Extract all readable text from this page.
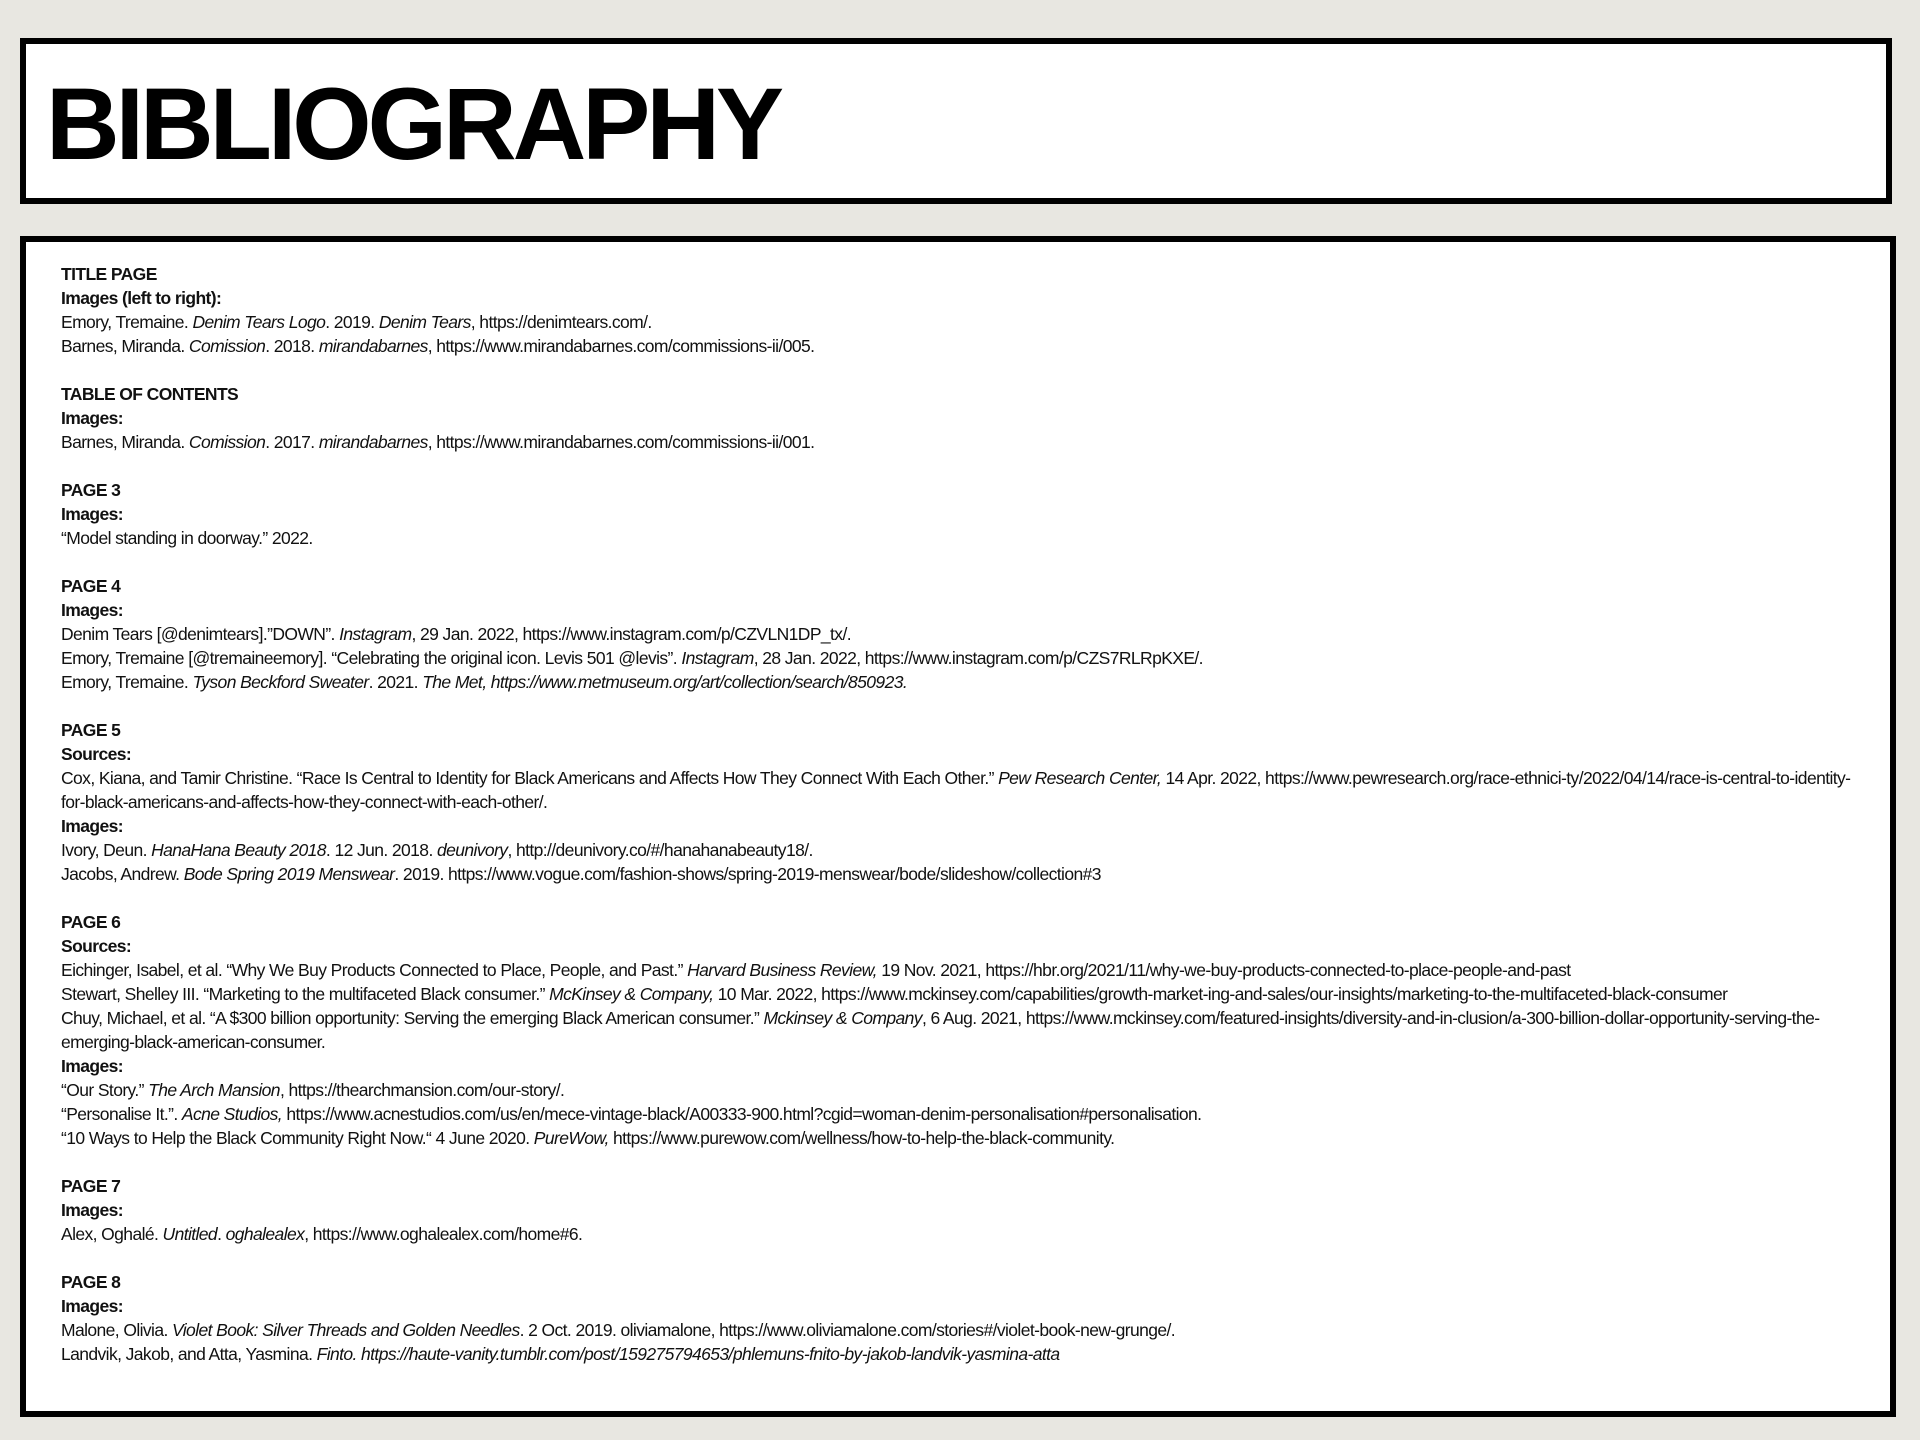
BIBLIOGRAPHY
TITLE PAGE
Images (left to right):
Emory, Tremaine. Denim Tears Logo. 2019. Denim Tears, https://denimtears.com/.
Barnes, Miranda. Comission. 2018. mirandabarnes, https://www.mirandabarnes.com/commissions-ii/005.
TABLE OF CONTENTS
Images:
Barnes, Miranda. Comission. 2017. mirandabarnes, https://www.mirandabarnes.com/commissions-ii/001.
PAGE 3
Images:
“Model standing in doorway.” 2022.
PAGE 4
Images:
Denim Tears [@denimtears].”DOWN”. Instagram, 29 Jan. 2022, https://www.instagram.com/p/CZVLN1DP_tx/.
Emory, Tremaine [@tremaineemory]. “Celebrating the original icon. Levis 501 @levis”. Instagram, 28 Jan. 2022, https://www.instagram.com/p/CZS7RLRpKXE/.
Emory, Tremaine. Tyson Beckford Sweater. 2021. The Met, https://www.metmuseum.org/art/collection/search/850923.
PAGE 5
Sources:
Cox, Kiana, and Tamir Christine. “Race Is Central to Identity for Black Americans and Affects How They Connect With Each Other.” Pew Research Center, 14 Apr. 2022, https://www.pewresearch.org/race-ethnici-ty/2022/04/14/race-is-central-to-identity-for-black-americans-and-affects-how-they-connect-with-each-other/.
Images:
Ivory, Deun. HanaHana Beauty 2018. 12 Jun. 2018. deunivory, http://deunivory.co/#/hanahanabeauty18/.
Jacobs, Andrew. Bode Spring 2019 Menswear. 2019. https://www.vogue.com/fashion-shows/spring-2019-menswear/bode/slideshow/collection#3
PAGE 6
Sources:
Eichinger, Isabel, et al. “Why We Buy Products Connected to Place, People, and Past.” Harvard Business Review, 19 Nov. 2021, https://hbr.org/2021/11/why-we-buy-products-connected-to-place-people-and-past
Stewart, Shelley III. “Marketing to the multifaceted Black consumer.” McKinsey & Company, 10 Mar. 2022, https://www.mckinsey.com/capabilities/growth-market-ing-and-sales/our-insights/marketing-to-the-multifaceted-black-consumer
Chuy, Michael, et al. “A $300 billion opportunity: Serving the emerging Black American consumer.” Mckinsey & Company, 6 Aug. 2021, https://www.mckinsey.com/featured-insights/diversity-and-in-clusion/a-300-billion-dollar-opportunity-serving-the-emerging-black-american-consumer.
Images:
“Our Story.” The Arch Mansion, https://thearchmansion.com/our-story/.
“Personalise It.”. Acne Studios, https://www.acnestudios.com/us/en/mece-vintage-black/A00333-900.html?cgid=woman-denim-personalisation#personalisation.
“10 Ways to Help the Black Community Right Now.“ 4 June 2020. PureWow, https://www.purewow.com/wellness/how-to-help-the-black-community.
PAGE 7
Images:
Alex, Oghalé. Untitled. oghalealex, https://www.oghalealex.com/home#6.
PAGE 8
Images:
Malone, Olivia. Violet Book: Silver Threads and Golden Needles. 2 Oct. 2019. oliviamalone, https://www.oliviamalone.com/stories#/violet-book-new-grunge/.
Landvik, Jakob, and Atta, Yasmina. Finto. https://haute-vanity.tumblr.com/post/159275794653/phlemuns-fnito-by-jakob-landvik-yasmina-atta
